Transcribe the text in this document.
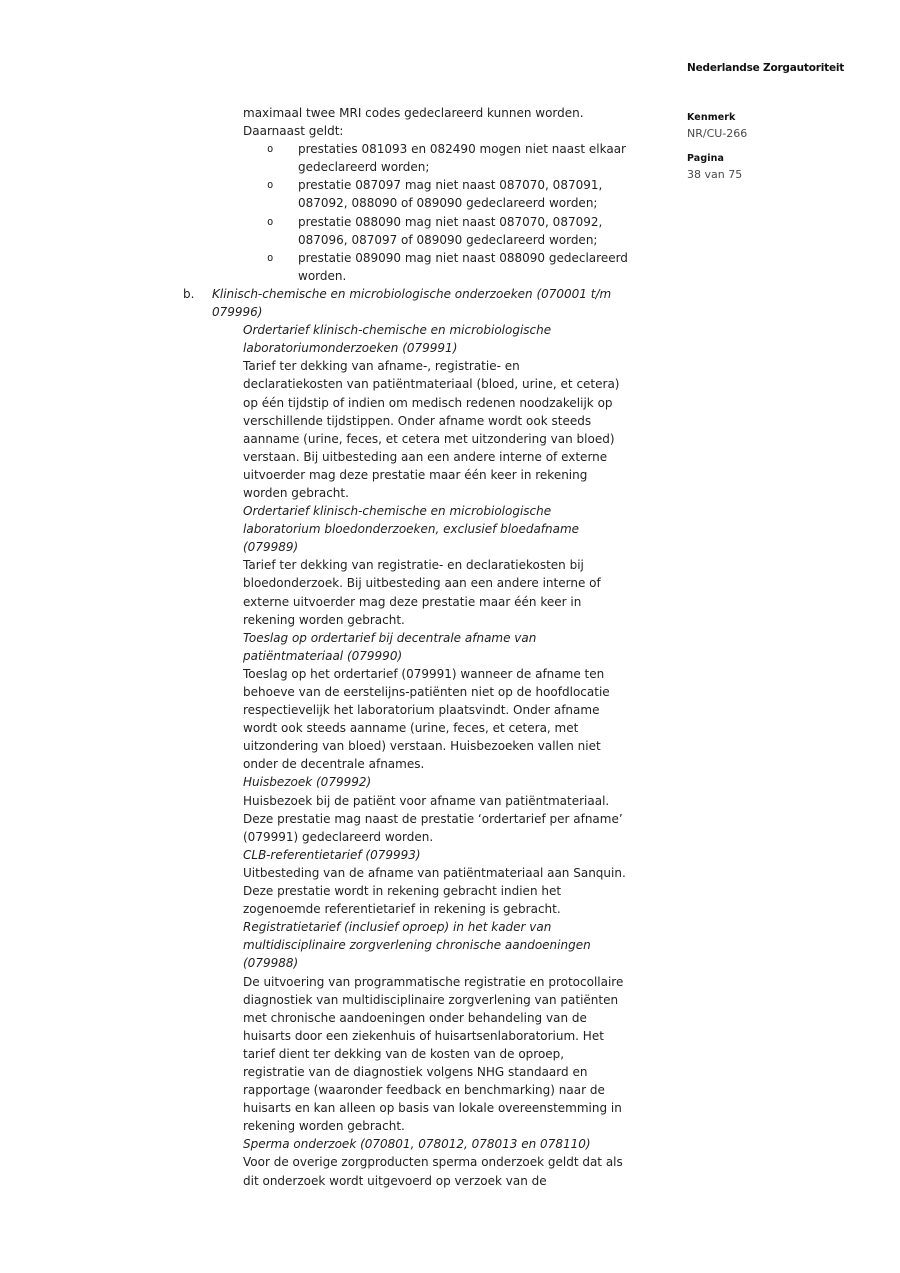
Nederlandse Zorgautoriteit
Kenmerk
NR/CU-266
Pagina
38 van 75
maximaal twee MRI codes gedeclareerd kunnen worden.
Daarnaast geldt:
o prestaties 081093 en 082490 mogen niet naast elkaar
gedeclareerd worden;
o prestatie 087097 mag niet naast 087070, 087091,
087092, 088090 of 089090 gedeclareerd worden;
o prestatie 088090 mag niet naast 087070, 087092,
087096, 087097 of 089090 gedeclareerd worden;
o prestatie 089090 mag niet naast 088090 gedeclareerd
worden.
b. Klinisch-chemische en microbiologische onderzoeken (070001 t/m
079996)
Ordertarief klinisch-chemische en microbiologische
laboratoriumonderzoeken (079991)
Tarief ter dekking van afname-, registratie- en
declaratiekosten van patiëntmateriaal (bloed, urine, et cetera)
op één tijdstip of indien om medisch redenen noodzakelijk op
verschillende tijdstippen. Onder afname wordt ook steeds
aanname (urine, feces, et cetera met uitzondering van bloed)
verstaan. Bij uitbesteding aan een andere interne of externe
uitvoerder mag deze prestatie maar één keer in rekening
worden gebracht.
Ordertarief klinisch-chemische en microbiologische
laboratorium bloedonderzoeken, exclusief bloedafname
(079989)
Tarief ter dekking van registratie- en declaratiekosten bij
bloedonderzoek. Bij uitbesteding aan een andere interne of
externe uitvoerder mag deze prestatie maar één keer in
rekening worden gebracht.
Toeslag op ordertarief bij decentrale afname van
patiëntmateriaal (079990)
Toeslag op het ordertarief (079991) wanneer de afname ten
behoeve van de eerstelijns-patiënten niet op de hoofdlocatie
respectievelijk het laboratorium plaatsvindt. Onder afname
wordt ook steeds aanname (urine, feces, et cetera, met
uitzondering van bloed) verstaan. Huisbezoeken vallen niet
onder de decentrale afnames.
Huisbezoek (079992)
Huisbezoek bij de patiënt voor afname van patiëntmateriaal.
Deze prestatie mag naast de prestatie ‘ordertarief per afname’
(079991) gedeclareerd worden.
CLB-referentietarief (079993)
Uitbesteding van de afname van patiëntmateriaal aan Sanquin.
Deze prestatie wordt in rekening gebracht indien het
zogenoemde referentietarief in rekening is gebracht.
Registratietarief (inclusief oproep) in het kader van
multidisciplinaire zorgverlening chronische aandoeningen
(079988)
De uitvoering van programmatische registratie en protocollaire
diagnostiek van multidisciplinaire zorgverlening van patiënten
met chronische aandoeningen onder behandeling van de
huisarts door een ziekenhuis of huisartsenlaboratorium. Het
tarief dient ter dekking van de kosten van de oproep,
registratie van de diagnostiek volgens NHG standaard en
rapportage (waaronder feedback en benchmarking) naar de
huisarts en kan alleen op basis van lokale overeenstemming in
rekening worden gebracht.
Sperma onderzoek (070801, 078012, 078013 en 078110)
Voor de overige zorgproducten sperma onderzoek geldt dat als
dit onderzoek wordt uitgevoerd op verzoek van de
